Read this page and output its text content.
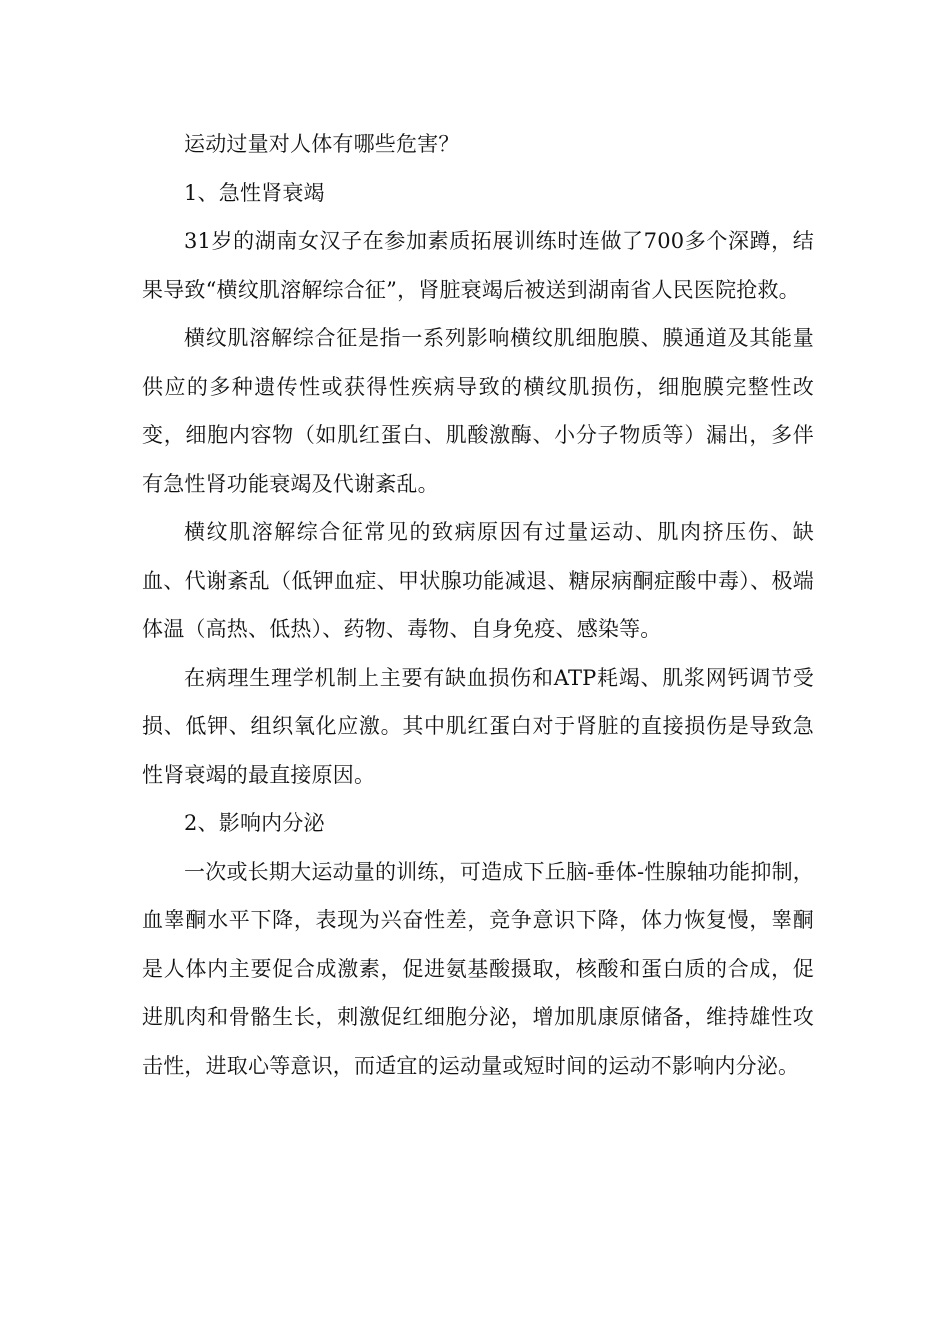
运动过量对人体有哪些危害？

1、急性肾衰竭

31岁的湖南女汉子在参加素质拓展训练时连做了700多个深蹲，结果导致“横纹肌溶解综合征”，肾脏衰竭后被送到湖南省人民医院抢救。

横纹肌溶解综合征是指一系列影响横纹肌细胞膜、膜通道及其能量供应的多种遗传性或获得性疾病导致的横纹肌损伤，细胞膜完整性改变，细胞内容物（如肌红蛋白、肌酸激酶、小分子物质等）漏出，多伴有急性肾功能衰竭及代谢紊乱。

横纹肌溶解综合征常见的致病原因有过量运动、肌肉挤压伤、缺血、代谢紊乱（低钾血症、甲状腺功能减退、糖尿病酮症酸中毒）、极端体温（高热、低热）、药物、毒物、自身免疫、感染等。

在病理生理学机制上主要有缺血损伤和ATP耗竭、肌浆网钙调节受损、低钾、组织氧化应激。其中肌红蛋白对于肾脏的直接损伤是导致急性肾衰竭的最直接原因。

2、影响内分泌

一次或长期大运动量的训练，可造成下丘脑-垂体-性腺轴功能抑制，血睾酮水平下降，表现为兴奋性差，竞争意识下降，体力恢复慢，睾酮是人体内主要促合成激素，促进氨基酸摄取，核酸和蛋白质的合成，促进肌肉和骨骼生长，刺激促红细胞分泌，增加肌康原储备，维持雄性攻击性，进取心等意识，而适宜的运动量或短时间的运动不影响内分泌。
